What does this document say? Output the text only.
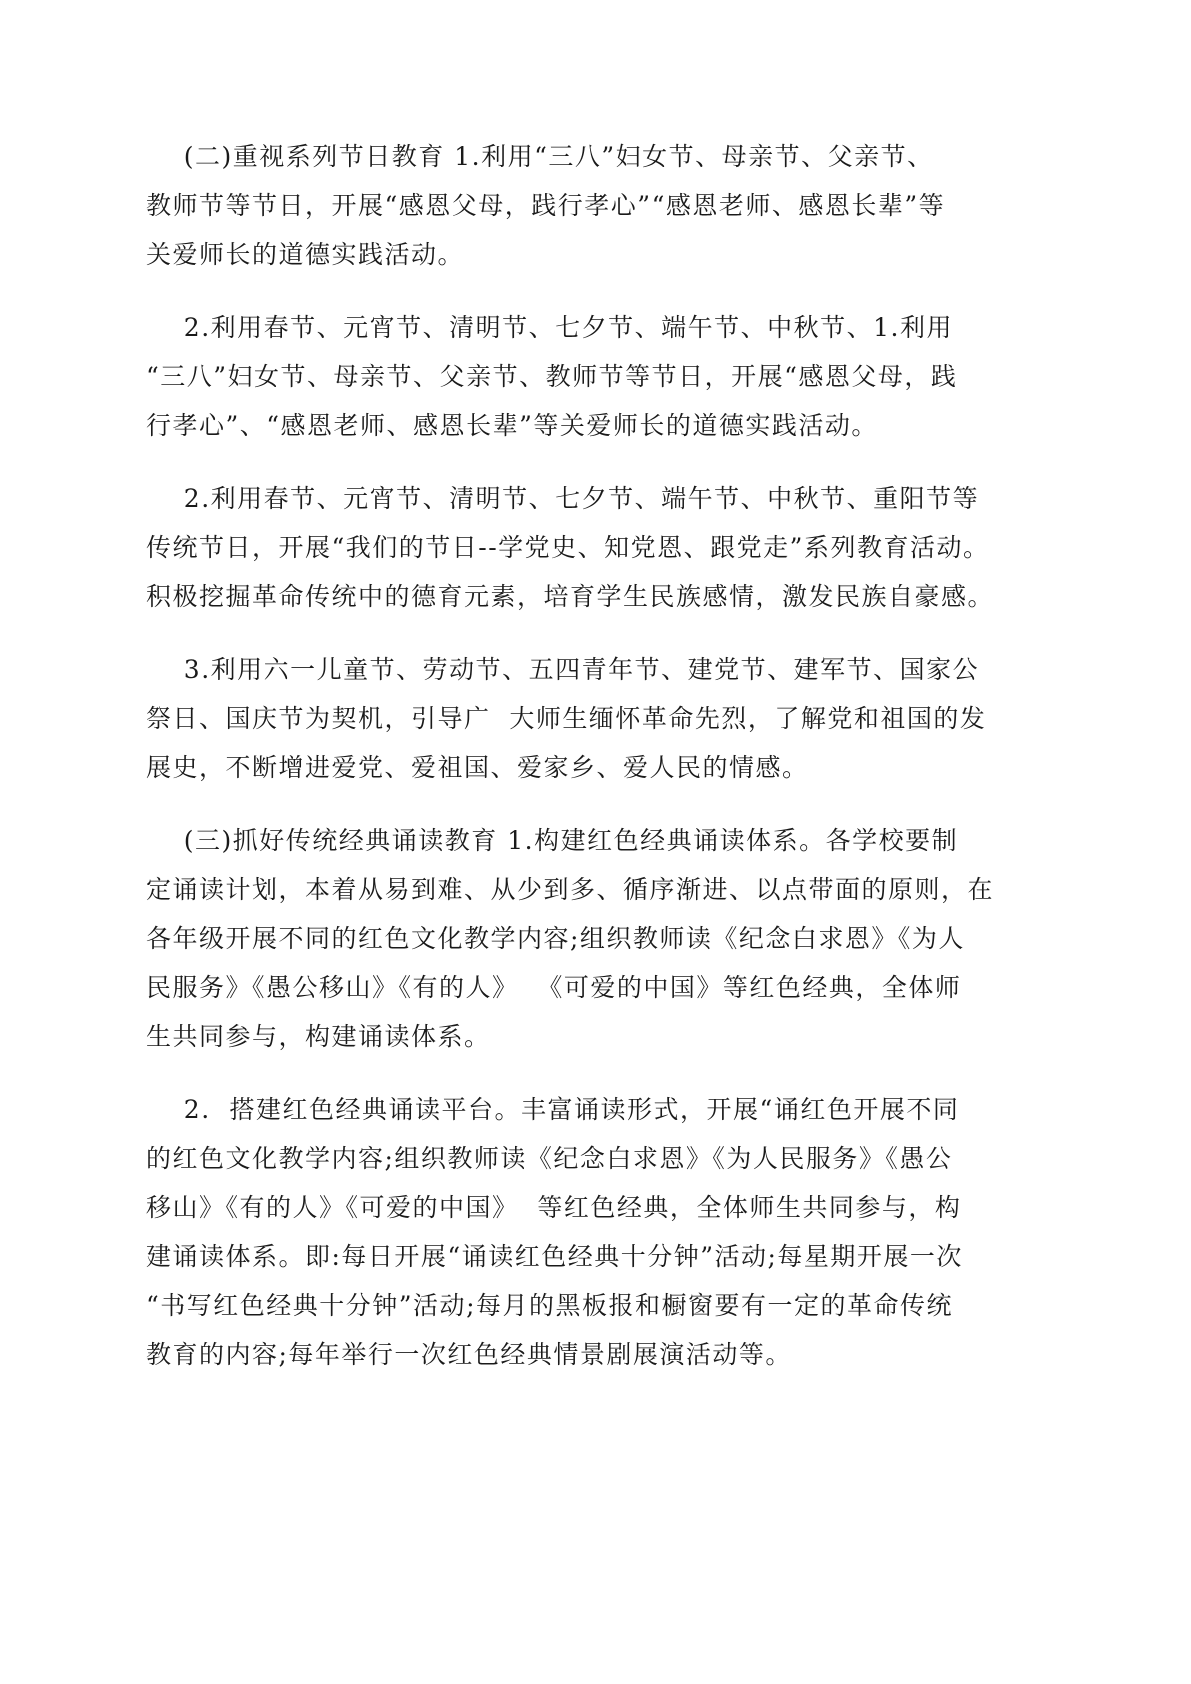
(二)重视系列节日教育 1.利用“三八”妇女节、母亲节、父亲节、
教师节等节日，开展“感恩父母，践行孝心”“感恩老师、感恩长辈”等
关爱师长的道德实践活动。
2.利用春节、元宵节、清明节、七夕节、端午节、中秋节、1.利用
“三八”妇女节、母亲节、父亲节、教师节等节日，开展“感恩父母，践
行孝心”、“感恩老师、感恩长辈”等关爱师长的道德实践活动。
2.利用春节、元宵节、清明节、七夕节、端午节、中秋节、重阳节等
传统节日，开展“我们的节日--学党史、知党恩、跟党走”系列教育活动。
积极挖掘革命传统中的德育元素，培育学生民族感情，激发民族自豪感。
3.利用六一儿童节、劳动节、五四青年节、建党节、建军节、国家公
祭日、国庆节为契机，引导广  大师生缅怀革命先烈，了解党和祖国的发
展史，不断增进爱党、爱祖国、爱家乡、爱人民的情感。
(三)抓好传统经典诵读教育 1.构建红色经典诵读体系。各学校要制
定诵读计划，本着从易到难、从少到多、循序渐进、以点带面的原则，在
各年级开展不同的红色文化教学内容;组织教师读《纪念白求恩》《为人
民服务》《愚公移山》《有的人》  《可爱的中国》等红色经典，全体师
生共同参与，构建诵读体系。
2.  搭建红色经典诵读平台。丰富诵读形式，开展“诵红色开展不同
的红色文化教学内容;组织教师读《纪念白求恩》《为人民服务》《愚公
移山》《有的人》《可爱的中国》  等红色经典，全体师生共同参与，构
建诵读体系。即:每日开展“诵读红色经典十分钟”活动;每星期开展一次
“书写红色经典十分钟”活动;每月的黑板报和橱窗要有一定的革命传统
教育的内容;每年举行一次红色经典情景剧展演活动等。
